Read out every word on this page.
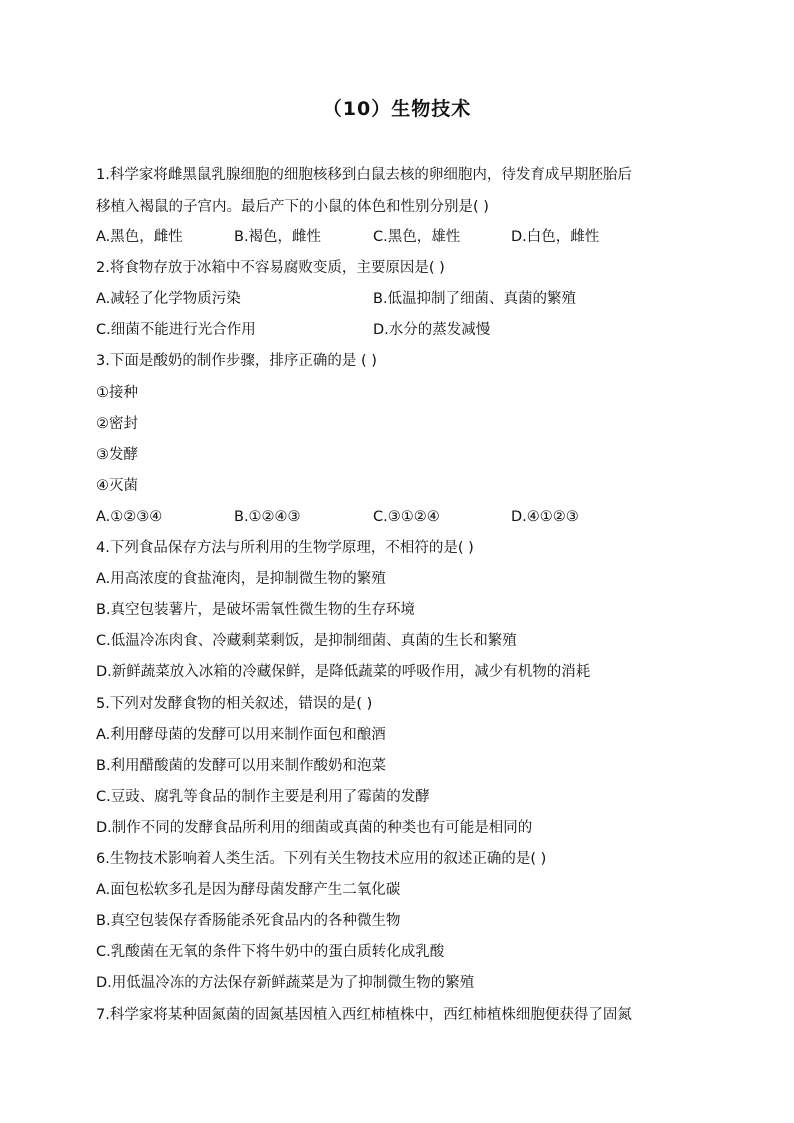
（10）生物技术
1.科学家将雌黑鼠乳腺细胞的细胞核移到白鼠去核的卵细胞内，待发育成早期胚胎后
移植入褐鼠的子宫内。最后产下的小鼠的体色和性别分别是( )
A.黑色，雌性	B.褐色，雌性	C.黑色，雄性	D.白色，雌性
2.将食物存放于冰箱中不容易腐败变质，主要原因是( )
A.减轻了化学物质污染	B.低温抑制了细菌、真菌的繁殖
C.细菌不能进行光合作用	D.水分的蒸发减慢
3.下面是酸奶的制作步骤，排序正确的是 ( )
①接种
②密封
③发酵
④灭菌
A.①②③④	B.①②④③	C.③①②④	D.④①②③
4.下列食品保存方法与所利用的生物学原理，不相符的是( )
A.用高浓度的食盐淹肉，是抑制微生物的繁殖
B.真空包装薯片，是破坏需氧性微生物的生存环境
C.低温冷冻肉食、冷藏剩菜剩饭，是抑制细菌、真菌的生长和繁殖
D.新鲜蔬菜放入冰箱的冷藏保鲜，是降低蔬菜的呼吸作用，减少有机物的消耗
5.下列对发酵食物的相关叙述，错误的是( )
A.利用酵母菌的发酵可以用来制作面包和酿酒
B.利用醋酸菌的发酵可以用来制作酸奶和泡菜
C.豆豉、腐乳等食品的制作主要是利用了霉菌的发酵
D.制作不同的发酵食品所利用的细菌或真菌的种类也有可能是相同的
6.生物技术影响着人类生活。下列有关生物技术应用的叙述正确的是( )
A.面包松软多孔是因为酵母菌发酵产生二氧化碳
B.真空包装保存香肠能杀死食品内的各种微生物
C.乳酸菌在无氧的条件下将牛奶中的蛋白质转化成乳酸
D.用低温冷冻的方法保存新鲜蔬菜是为了抑制微生物的繁殖
7.科学家将某种固氮菌的固氮基因植入西红柿植株中，西红柿植株细胞便获得了固氮
